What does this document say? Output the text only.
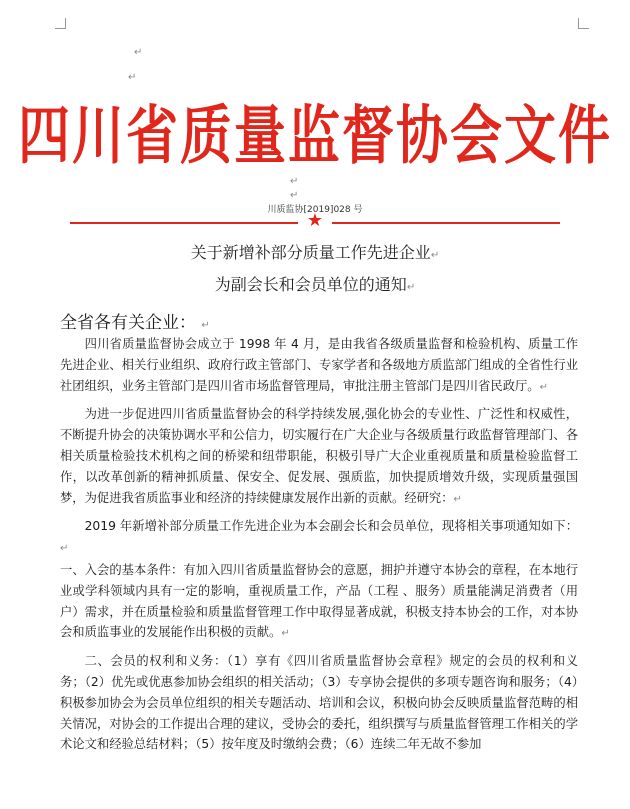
↵
↵
↵
↵
四川省质量监督协会文件
川质监协[2019]028 号
★
关于新增补部分质量工作先进企业↵
为副会长和会员单位的通知↵
全省各有关企业： ↵

四川省质量监督协会成立于 1998 年 4 月，是由我省各级质量监督和检验机构、质量工作先进企业、相关行业组织、政府行政主管部门、专家学者和各级地方质监部门组成的全省性行业社团组织，业务主管部门是四川省市场监督管理局，审批注册主管部门是四川省民政厅。↵

为进一步促进四川省质量监督协会的科学持续发展,强化协会的专业性、广泛性和权威性，不断提升协会的决策协调水平和公信力，切实履行在广大企业与各级质量行政监督管理部门、各相关质量检验技术机构之间的桥梁和纽带职能，积极引导广大企业重视质量和质量检验监督工作，以改革创新的精神抓质量、保安全、促发展、强质监，加快提质增效升级，实现质量强国梦，为促进我省质监事业和经济的持续健康发展作出新的贡献。经研究：↵

2019 年新增补部分质量工作先进企业为本会副会长和会员单位，现将相关事项通知如下：↵

一、入会的基本条件：有加入四川省质量监督协会的意愿，拥护并遵守本协会的章程，在本地行业或学科领域内具有一定的影响，重视质量工作，产品（工程 、服务）质量能满足消费者（用户）需求，并在质量检验和质量监督管理工作中取得显著成就，积极支持本协会的工作，对本协会和质监事业的发展能作出积极的贡献。↵

二、会员的权利和义务：（1）享有《四川省质量监督协会章程》规定的会员的权利和义务；（2）优先或优惠参加协会组织的相关活动；（3）专享协会提供的多项专题咨询和服务；（4）积极参加协会为会员单位组织的相关专题活动、培训和会议，积极向协会反映质量监督范畴的相关情况，对协会的工作提出合理的建议，受协会的委托，组织撰写与质量监督管理工作相关的学术论文和经验总结材料；（5）按年度及时缴纳会费；（6）连续二年无故不参加
